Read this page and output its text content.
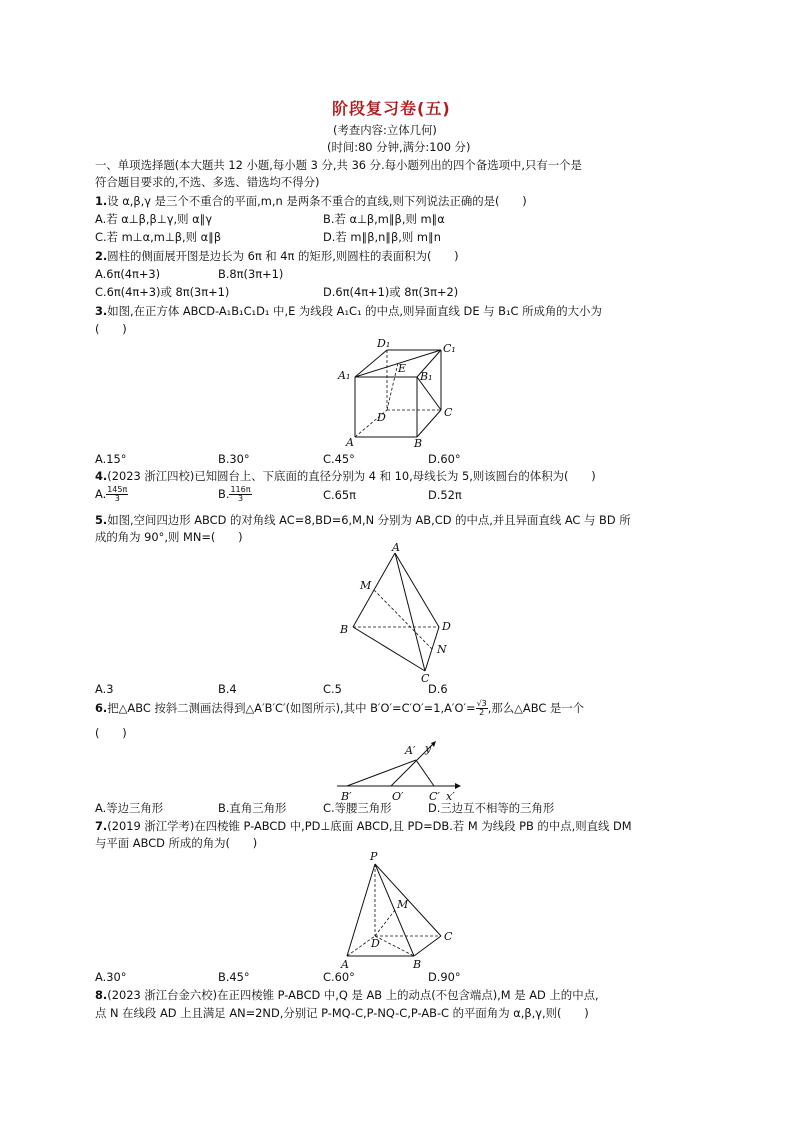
阶段复习卷(五)
(考查内容:立体几何)
(时间:80 分钟,满分:100 分)
一、单项选择题(本大题共 12 小题,每小题 3 分,共 36 分.每小题列出的四个备选项中,只有一个是
符合题目要求的,不选、多选、错选均不得分)
1.设 α,β,γ 是三个不重合的平面,m,n 是两条不重合的直线,则下列说法正确的是(　　)
A.若 α⊥β,β⊥γ,则 α∥γ	B.若 α⊥β,m∥β,则 m∥α
C.若 m⊥α,m⊥β,则 α∥β	D.若 m∥β,n∥β,则 m∥n
2.圆柱的侧面展开图是边长为 6π 和 4π 的矩形,则圆柱的表面积为(　　)
A.6π(4π+3)	B.8π(3π+1)
C.6π(4π+3)或 8π(3π+1)	D.6π(4π+1)或 8π(3π+2)
3.如图,在正方体 ABCD-A₁B₁C₁D₁ 中,E 为线段 A₁C₁ 的中点,则异面直线 DE 与 B₁C 所成角的大小为
(　　)
D₁	C₁
A₁
E
B₁
D	C
A	B
A.15°	B.30°	C.45°	D.60°
4.(2023 浙江四校)已知圆台上、下底面的直径分别为 4 和 10,母线长为 5,则该圆台的体积为(　　)
A. $\frac{145\pi}{3}$	B. $\frac{116\pi}{3}$	C.65π	D.52π
5.如图,空间四边形 ABCD 的对角线 AC=8,BD=6,M,N 分别为 AB,CD 的中点,并且异面直线 AC 与 BD 所
成的角为 90°,则 MN=(　　)
A
M
B	D
N
C
A.3	B.4	C.5	D.6
6.把△ABC 按斜二测画法得到△A′B′C′(如图所示),其中 $B'O'=C'O'=1,A'O'= \frac{√3}{2}$ ,那么△ABC 是一个
(　　)
A′ y′
B′	O′ C′ x′
A.等边三角形	B.直角三角形	C.等腰三角形	D.三边互不相等的三角形
7.(2019 浙江学考)在四棱锥 P-ABCD 中,PD⊥底面 ABCD,且 PD=DB.若 M 为线段 PB 的中点,则直线 DM
与平面 ABCD 所成的角为(　　)
P
M
D
C
A	B
A.30°	B.45°	C.60°	D.90°
8.(2023 浙江台金六校)在正四棱锥 P-ABCD 中,Q 是 AB 上的动点(不包含端点),M 是 AD 上的中点,
点 N 在线段 AD 上且满足 AN=2ND,分别记 P-MQ-C,P-NQ-C,P-AB-C 的平面角为 α,β,γ,则(　　)
